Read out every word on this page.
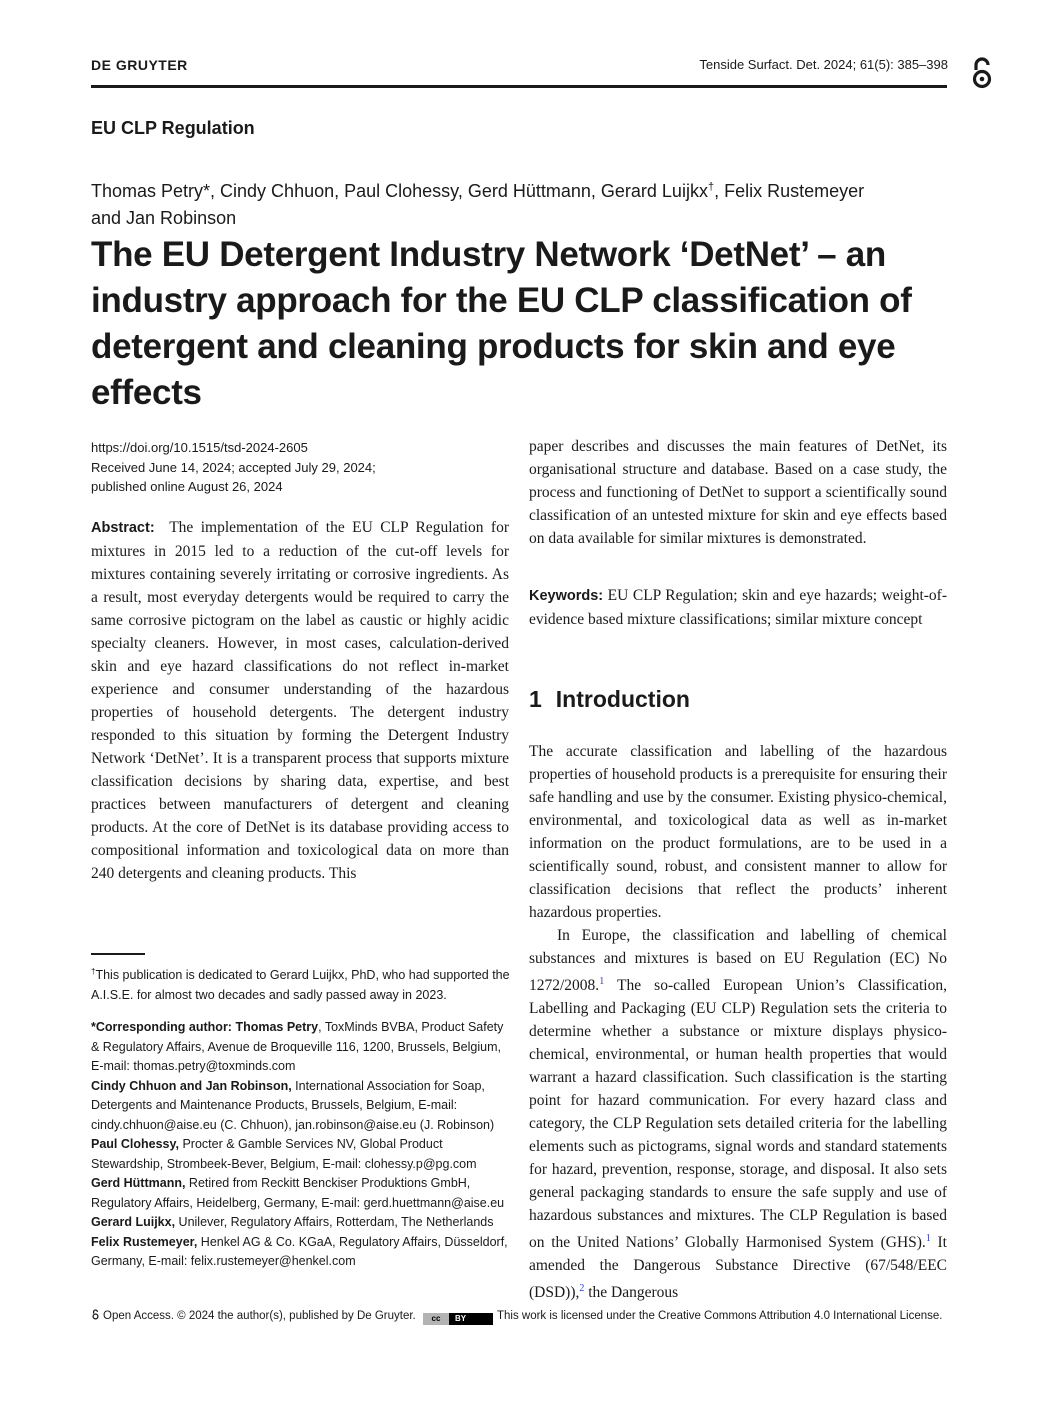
DE GRUYTER	Tenside Surfact. Det. 2024; 61(5): 385–398
EU CLP Regulation
Thomas Petry*, Cindy Chhuon, Paul Clohessy, Gerd Hüttmann, Gerard Luijkx†, Felix Rustemeyer
and Jan Robinson
The EU Detergent Industry Network ‘DetNet’ – an industry approach for the EU CLP classification of detergent and cleaning products for skin and eye effects
https://doi.org/10.1515/tsd-2024-2605
Received June 14, 2024; accepted July 29, 2024;
published online August 26, 2024

Abstract: The implementation of the EU CLP Regulation for mixtures in 2015 led to a reduction of the cut-off levels for mixtures containing severely irritating or corrosive ingredients. As a result, most everyday detergents would be required to carry the same corrosive pictogram on the label as caustic or highly acidic specialty cleaners. However, in most cases, calculation-derived skin and eye hazard classifications do not reflect in-market experience and consumer understanding of the hazardous properties of household detergents. The detergent industry responded to this situation by forming the Detergent Industry Network ‘DetNet’. It is a transparent process that supports mixture classification decisions by sharing data, expertise, and best practices between manufacturers of detergent and cleaning products. At the core of DetNet is its database providing access to compositional information and toxicological data on more than 240 detergents and cleaning products. This

paper describes and discusses the main features of DetNet, its organisational structure and database. Based on a case study, the process and functioning of DetNet to support a scientifically sound classification of an untested mixture for skin and eye effects based on data available for similar mixtures is demonstrated.

Keywords: EU CLP Regulation; skin and eye hazards; weight-of-evidence based mixture classifications; similar mixture concept
1 Introduction

The accurate classification and labelling of the hazardous properties of household products is a prerequisite for ensuring their safe handling and use by the consumer. Existing physico-chemical, environmental, and toxicological data as well as in-market information on the product formulations, are to be used in a scientifically sound, robust, and consistent manner to allow for classification decisions that reflect the products’ inherent hazardous properties.

In Europe, the classification and labelling of chemical substances and mixtures is based on EU Regulation (EC) No 1272/2008.$^1$ The so-called European Union’s Classification, Labelling and Packaging (EU CLP) Regulation sets the criteria to determine whether a substance or mixture displays physico-chemical, environmental, or human health properties that would warrant a hazard classification. Such classification is the starting point for hazard communication. For every hazard class and category, the CLP Regulation sets detailed criteria for the labelling elements such as pictograms, signal words and standard statements for hazard, prevention, response, storage, and disposal. It also sets general packaging standards to ensure the safe supply and use of hazardous substances and mixtures. The CLP Regulation is based on the United Nations’ Globally Harmonised System (GHS).$^1$ It amended the Dangerous Substance Directive (67/548/EEC (DSD)),$^2$ the Dangerous

†This publication is dedicated to Gerard Luijkx, PhD, who had supported the A.I.S.E. for almost two decades and sadly passed away in 2023.

*Corresponding author: Thomas Petry, ToxMinds BVBA, Product Safety & Regulatory Affairs, Avenue de Broqueville 116, 1200, Brussels, Belgium, E-mail: thomas.petry@toxminds.com

Cindy Chhuon and Jan Robinson, International Association for Soap, Detergents and Maintenance Products, Brussels, Belgium, E-mail: cindy.chhuon@aise.eu (C. Chhuon), jan.robinson@aise.eu (J. Robinson)

Paul Clohessy, Procter & Gamble Services NV, Global Product Stewardship, Strombeek-Bever, Belgium, E-mail: clohessy.p@pg.com

Gerd Hüttmann, Retired from Reckitt Benckiser Produktions GmbH, Regulatory Affairs, Heidelberg, Germany, E-mail: gerd.huettmann@aise.eu

Gerard Luijkx, Unilever, Regulatory Affairs, Rotterdam, The Netherlands

Felix Rustemeyer, Henkel AG & Co. KGaA, Regulatory Affairs, Düsseldorf, Germany, E-mail: felix.rustemeyer@henkel.com

Open Access. © 2024 the author(s), published by De Gruyter. cc BY	This work is licensed under the Creative Commons Attribution 4.0 International License.
